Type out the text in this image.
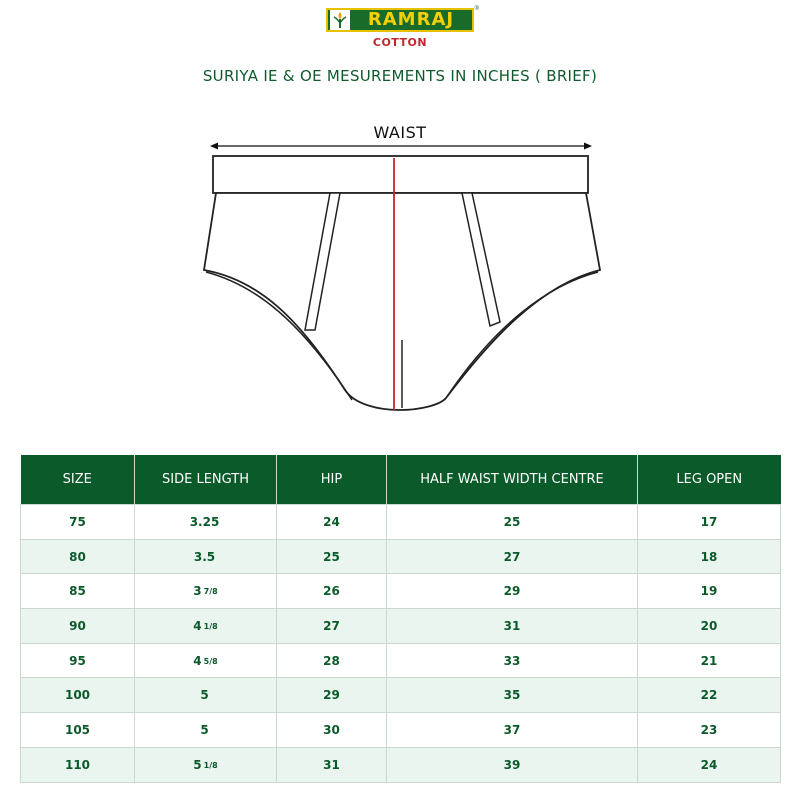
RAMRAJ	®
COTTON
SURIYA IE & OE MESUREMENTS IN INCHES ( BRIEF)
WAIST
SIZE	SIDE LENGTH	HIP	HALF WAIST WIDTH CENTRE	LEG OPEN
75	3.25	24	25	17
80	3.5	25	27	18
85	3 7/8	26	29	19
90	4 1/8	27	31	20
95	4 5/8	28	33	21
100	5	29	35	22
105	5	30	37	23
110	5 1/8	31	39	24
